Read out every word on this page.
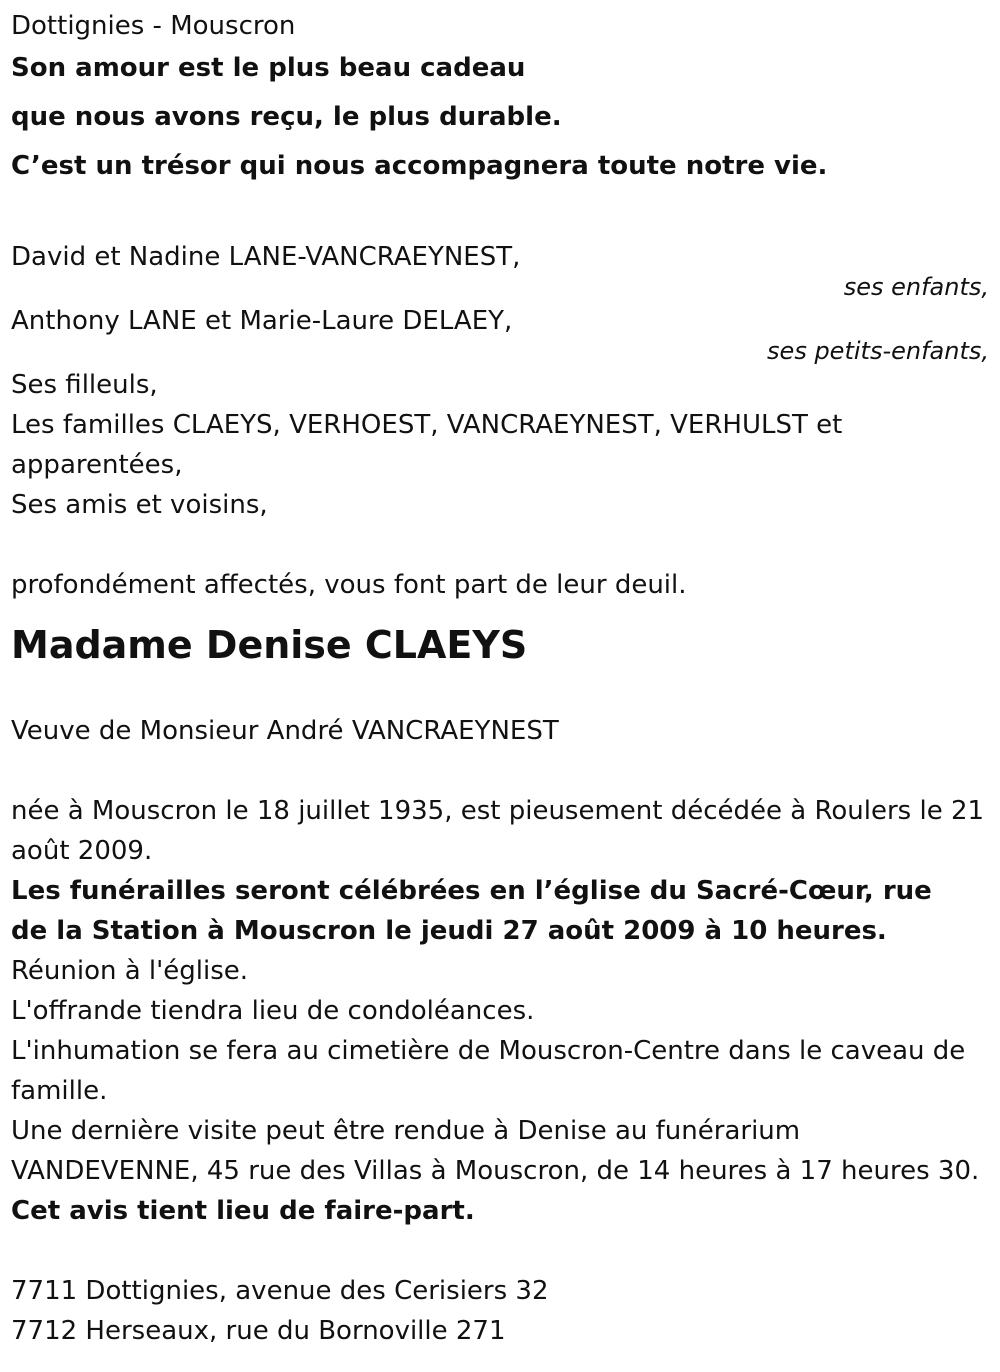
Dottignies - Mouscron
Son amour est le plus beau cadeau
que nous avons reçu, le plus durable.
C’est un trésor qui nous accompagnera toute notre vie.
David et Nadine LANE-VANCRAEYNEST,
ses enfants,
Anthony LANE et Marie-Laure DELAEY,
ses petits-enfants,
Ses filleuls,
Les familles CLAEYS, VERHOEST, VANCRAEYNEST, VERHULST et apparentées,
Ses amis et voisins,
profondément affectés, vous font part de leur deuil.
Madame Denise CLAEYS
Veuve de Monsieur André VANCRAEYNEST
née à Mouscron le 18 juillet 1935, est pieusement décédée à Roulers le 21 août 2009.
Les funérailles seront célébrées en l’église du Sacré-Cœur, rue de la Station à Mouscron le jeudi 27 août 2009 à 10 heures.
Réunion à l'église.
L'offrande tiendra lieu de condoléances.
L'inhumation se fera au cimetière de Mouscron-Centre dans le caveau de famille.
Une dernière visite peut être rendue à Denise au funérarium VANDEVENNE, 45 rue des Villas à Mouscron, de 14 heures à 17 heures 30.
Cet avis tient lieu de faire-part.
7711 Dottignies, avenue des Cerisiers 32
7712 Herseaux, rue du Bornoville 271
